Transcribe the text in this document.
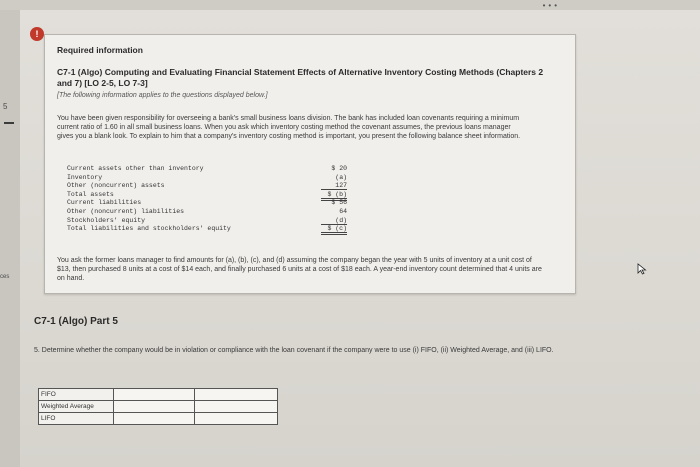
•••
5
ces
!
Required information
C7-1 (Algo) Computing and Evaluating Financial Statement Effects of Alternative Inventory Costing Methods (Chapters 2 and 7) [LO 2-5, LO 7-3]
[The following information applies to the questions displayed below.]
You have been given responsibility for overseeing a bank's small business loans division. The bank has included loan covenants requiring a minimum current ratio of 1.60 in all small business loans. When you ask which inventory costing method the covenant assumes, the previous loans manager gives you a blank look. To explain to him that a company's inventory costing method is important, you present the following balance sheet information.
Current assets other than inventory	$ 20
Inventory	(a)
Other (noncurrent) assets	127
Total assets	$ (b)
Current liabilities	$ 56
Other (noncurrent) liabilities	64
Stockholders' equity	(d)
Total liabilities and stockholders' equity	$ (c)
You ask the former loans manager to find amounts for (a), (b), (c), and (d) assuming the company began the year with 5 units of inventory at a unit cost of $13, then purchased 8 units at a cost of $14 each, and finally purchased 6 units at a cost of $18 each. A year-end inventory count determined that 4 units are on hand.
C7-1 (Algo) Part 5
5. Determine whether the company would be in violation or compliance with the loan covenant if the company were to use (i) FIFO, (ii) Weighted Average, and (iii) LIFO.
FIFO		
Weighted Average		
LIFO		
